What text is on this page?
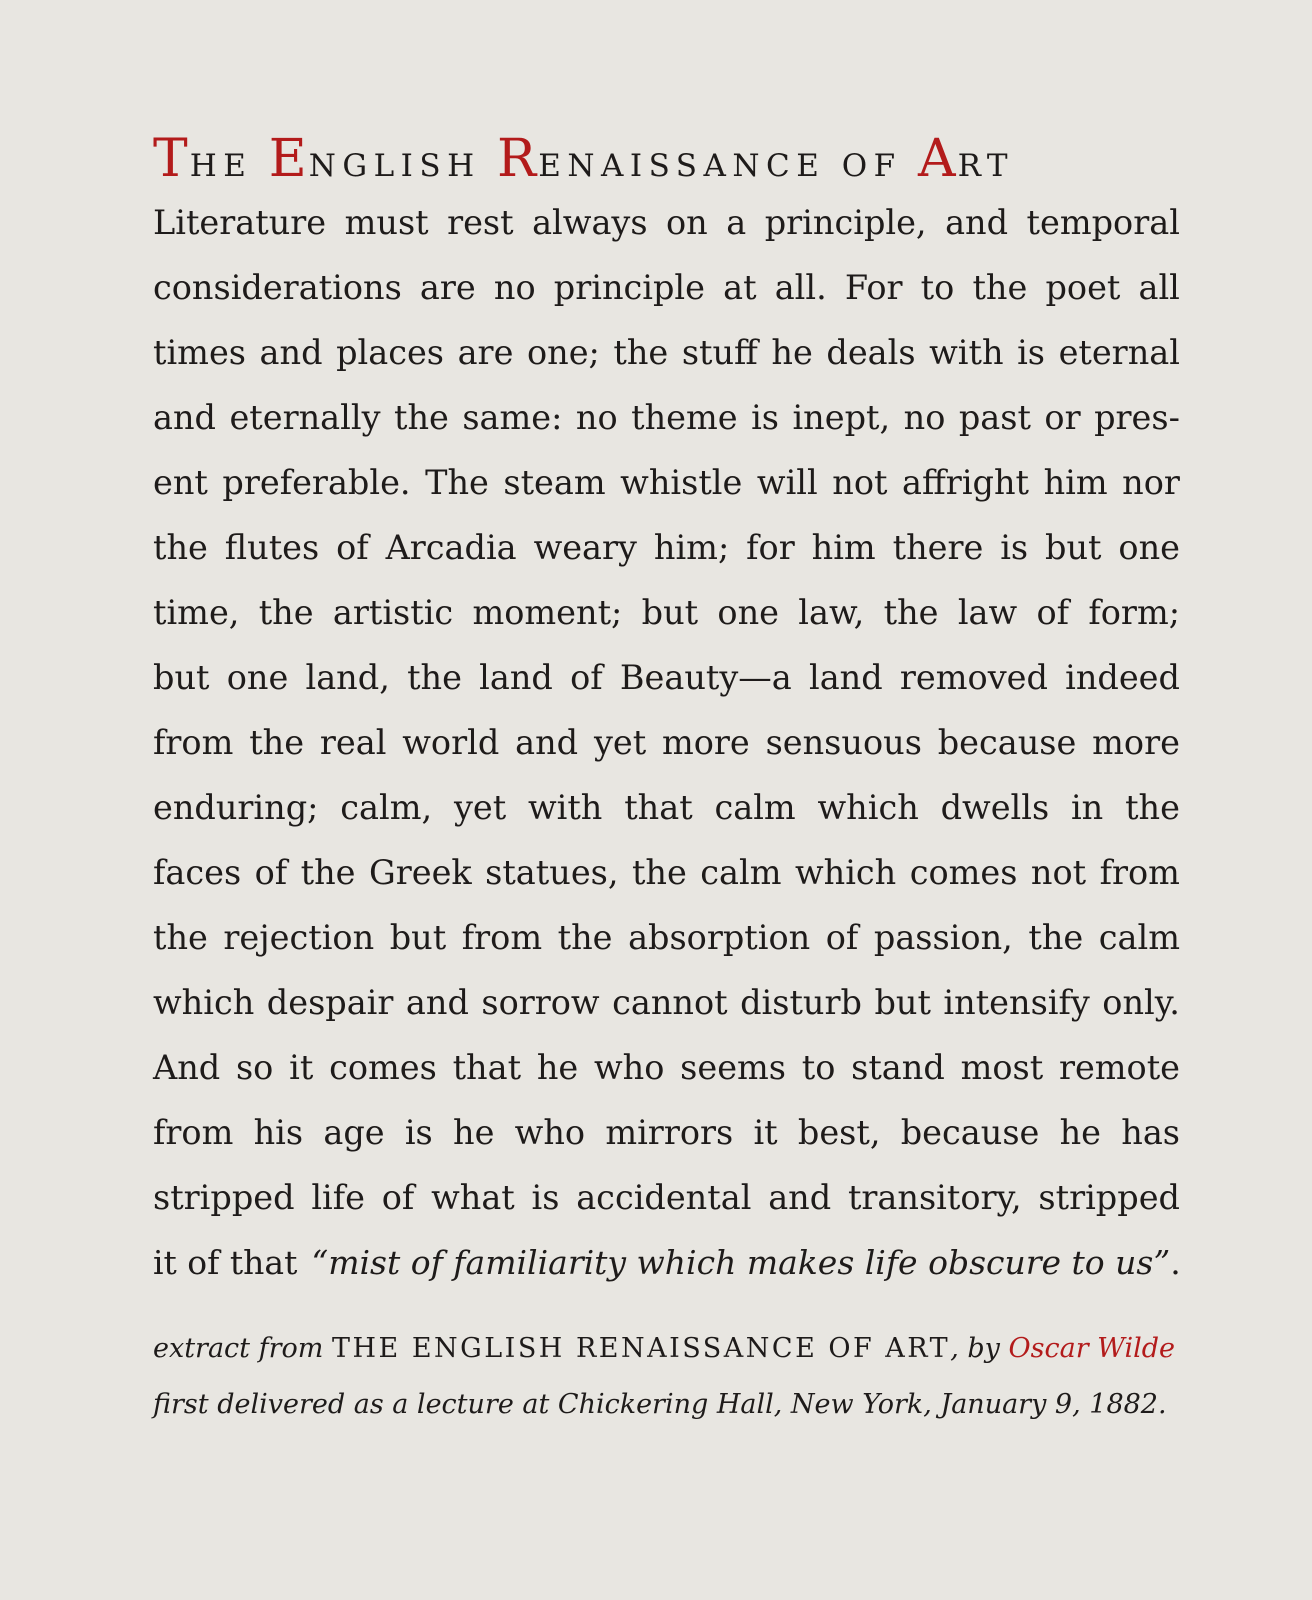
THE ENGLISH RENAISSANCE OF ART
Literature must rest always on a principle, and temporal
considerations are no principle at all. For to the poet all
times and places are one; the stuff he deals with is eternal
and eternally the same: no theme is inept, no past or pres-
ent preferable. The steam whistle will not affright him nor
the flutes of Arcadia weary him; for him there is but one
time, the artistic moment; but one law, the law of form;
but one land, the land of Beauty—a land removed indeed
from the real world and yet more sensuous because more
enduring; calm, yet with that calm which dwells in the
faces of the Greek statues, the calm which comes not from
the rejection but from the absorption of passion, the calm
which despair and sorrow cannot disturb but intensify only.
And so it comes that he who seems to stand most remote
from his age is he who mirrors it best, because he has
stripped life of what is accidental and transitory, stripped
it of that “mist of familiarity which makes life obscure to us” .
extract from THE ENGLISH RENAISSANCE OF ART, by Oscar Wilde
first delivered as a lecture at Chickering Hall, New York, January 9, 1882.
